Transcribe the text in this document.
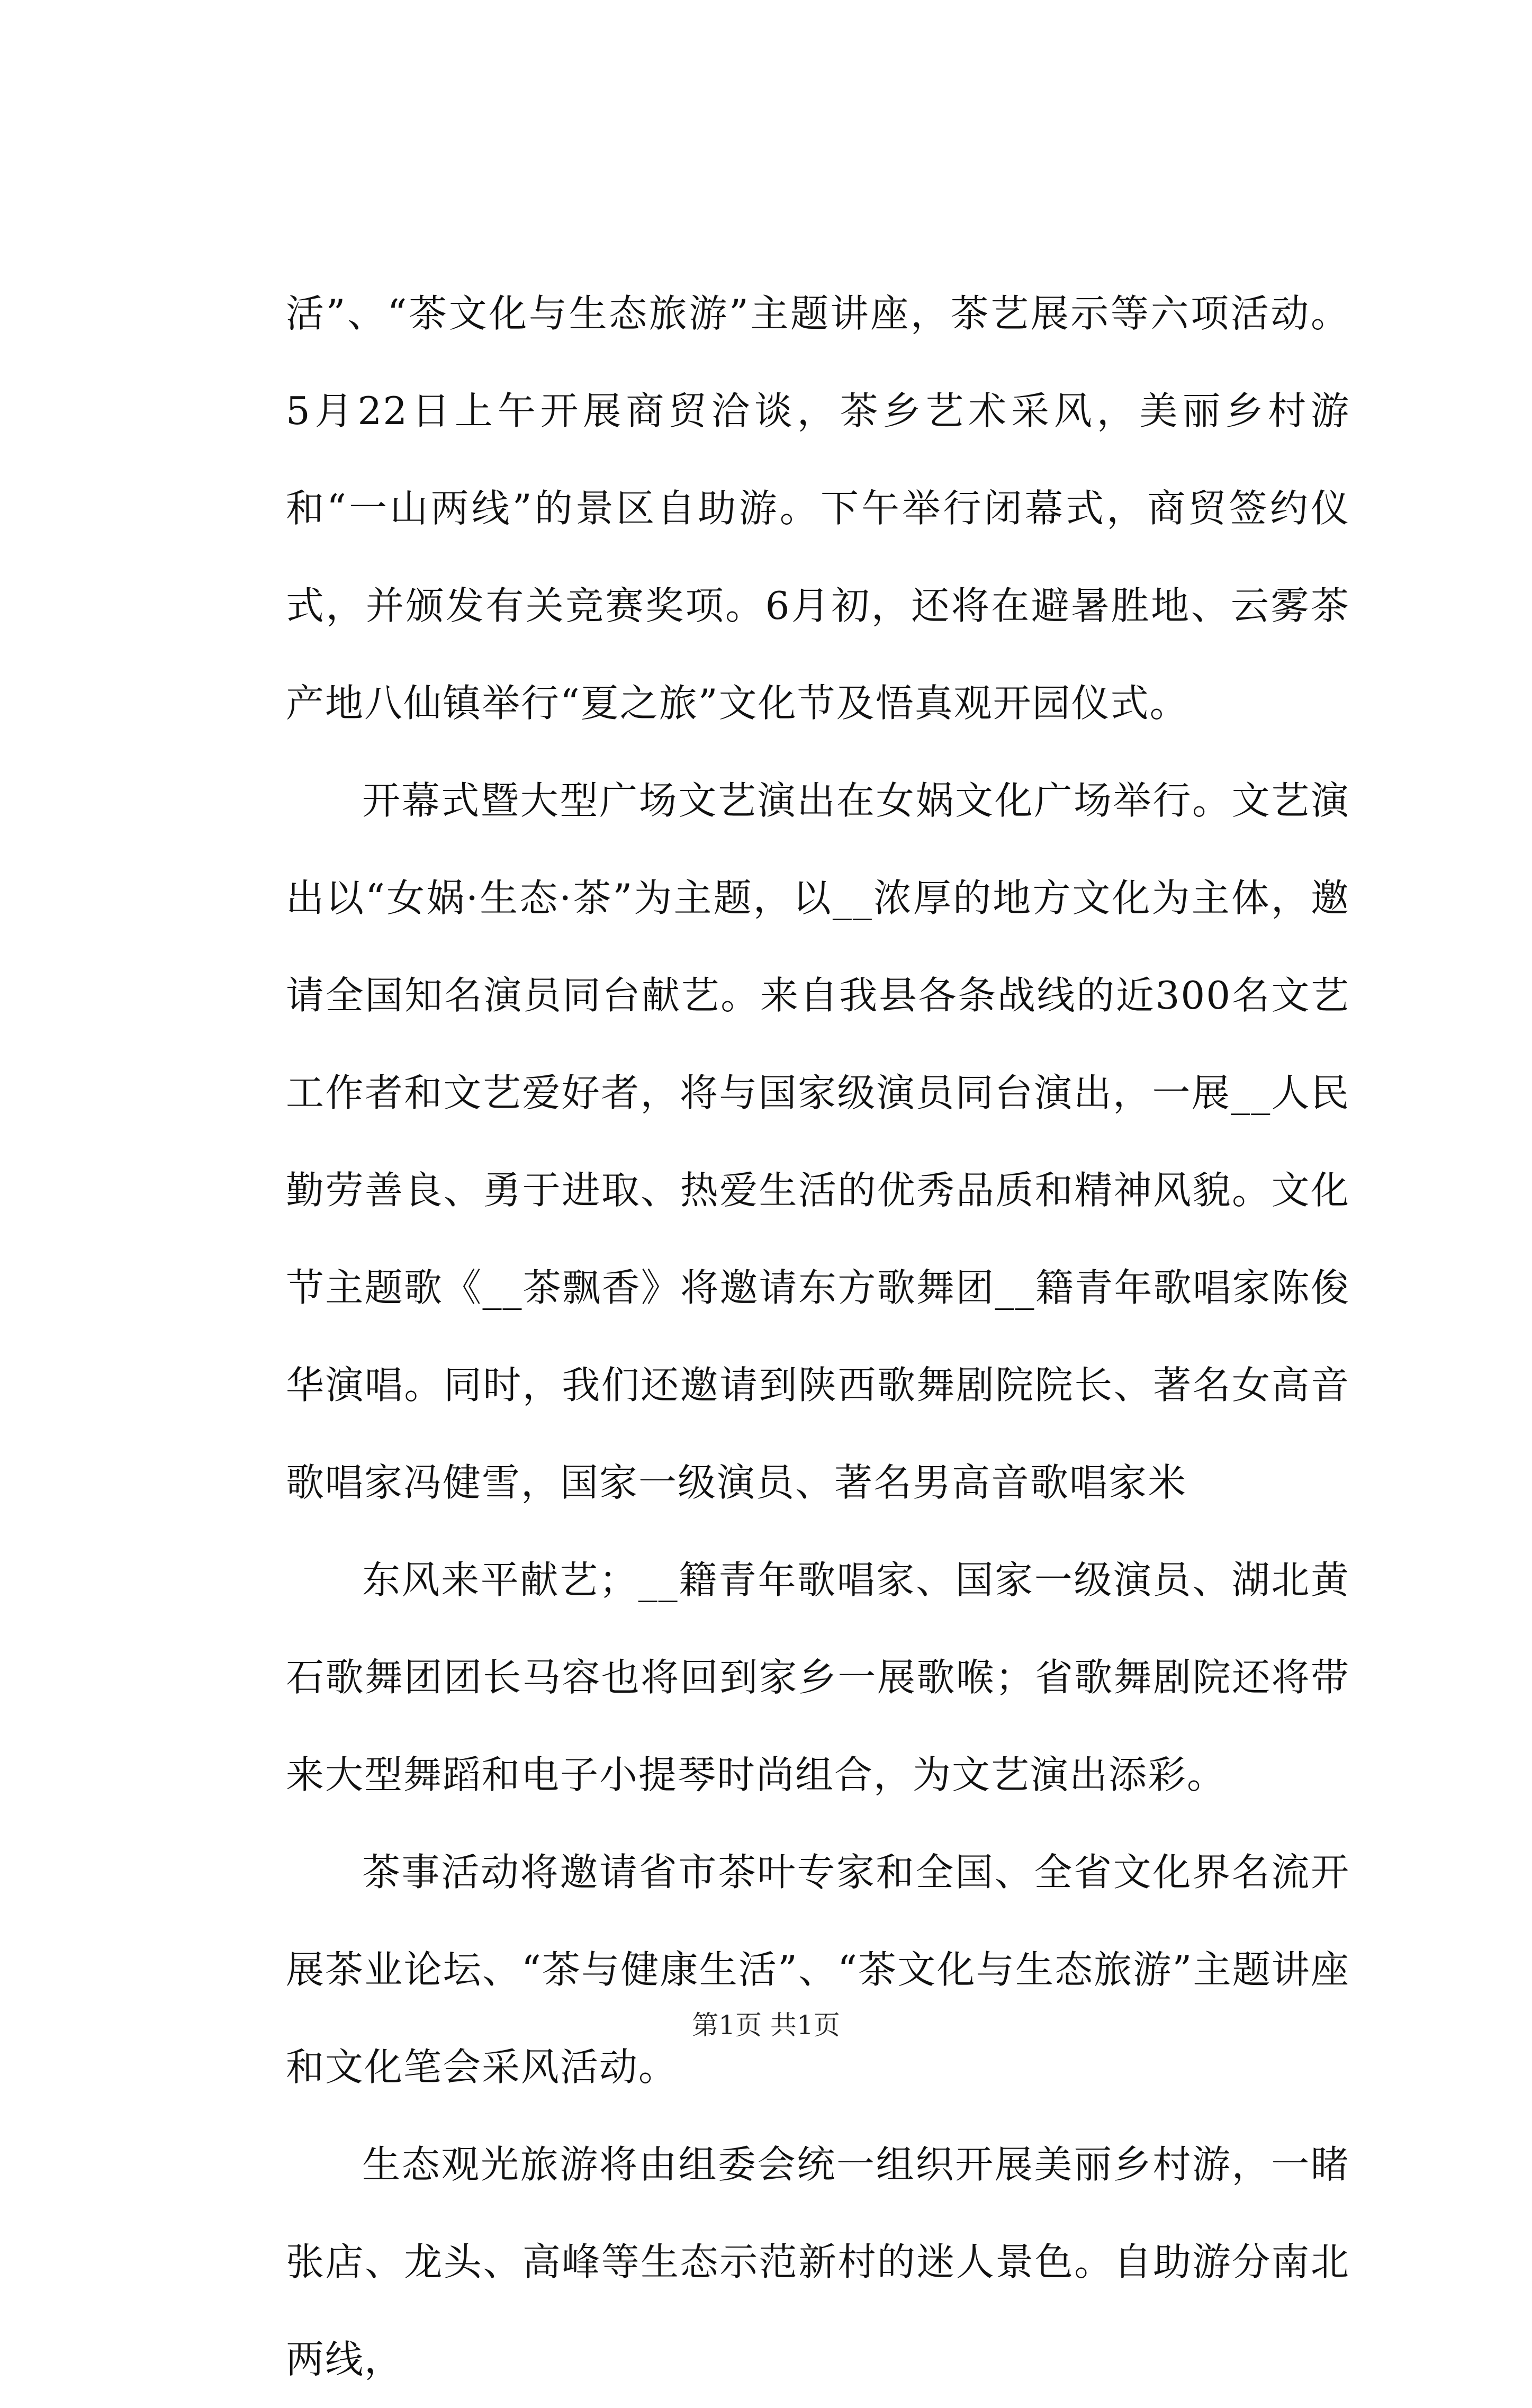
活”、“茶文化与生态旅游”主题讲座，茶艺展示等六项活动。5月22日上午开展商贸洽谈，茶乡艺术采风，美丽乡村游和“一山两线”的景区自助游。下午举行闭幕式，商贸签约仪式，并颁发有关竞赛奖项。6月初，还将在避暑胜地、云雾茶产地八仙镇举行“夏之旅”文化节及悟真观开园仪式。

开幕式暨大型广场文艺演出在女娲文化广场举行。文艺演出以“女娲·生态·茶”为主题，以__浓厚的地方文化为主体，邀请全国知名演员同台献艺。来自我县各条战线的近300名文艺工作者和文艺爱好者，将与国家级演员同台演出，一展__人民勤劳善良、勇于进取、热爱生活的优秀品质和精神风貌。文化节主题歌《__茶飘香》将邀请东方歌舞团__籍青年歌唱家陈俊华演唱。同时，我们还邀请到陕西歌舞剧院院长、著名女高音歌唱家冯健雪，国家一级演员、著名男高音歌唱家米

东风来平献艺；__籍青年歌唱家、国家一级演员、湖北黄石歌舞团团长马容也将回到家乡一展歌喉；省歌舞剧院还将带来大型舞蹈和电子小提琴时尚组合，为文艺演出添彩。

茶事活动将邀请省市茶叶专家和全国、全省文化界名流开展茶业论坛、“茶与健康生活”、“茶文化与生态旅游”主题讲座和文化笔会采风活动。

生态观光旅游将由组委会统一组织开展美丽乡村游，一睹张店、龙头、高峰等生态示范新村的迷人景色。自助游分南北两线，

第1页 共1页
